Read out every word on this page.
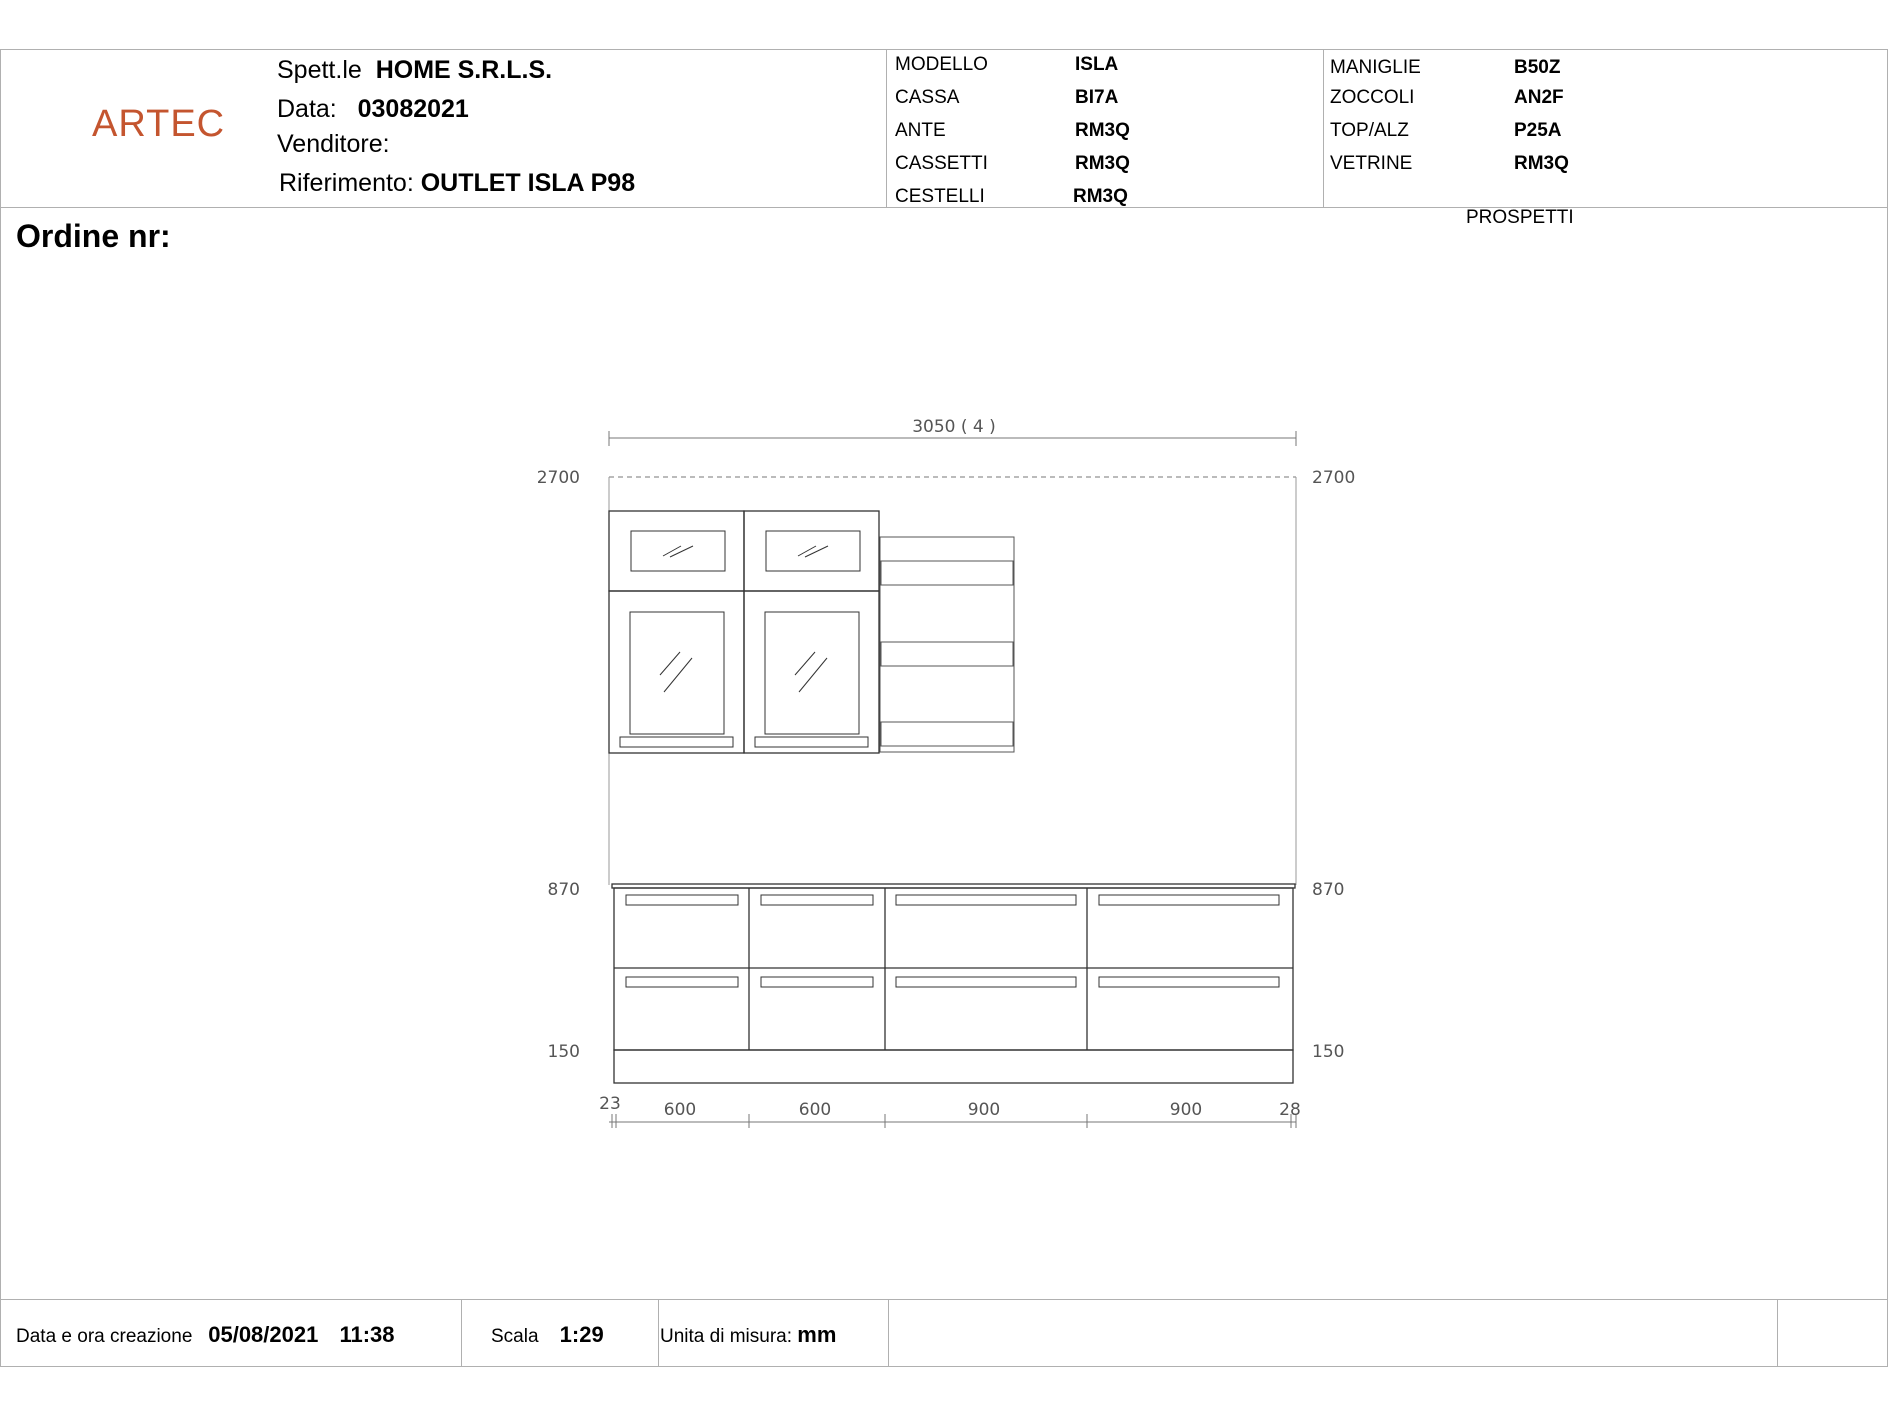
ARTEC
Spett.le HOME S.R.L.S.
Data: 03082021
Venditore:
Riferimento: OUTLET ISLA P98
MODELLO	ISLA
CASSA	BI7A
ANTE	RM3Q
CASSETTI	RM3Q
CESTELLI	RM3Q
MANIGLIE	B50Z
ZOCCOLI	AN2F
TOP/ALZ	P25A
VETRINE	RM3Q
Ordine nr:
PROSPETTI
3050 ( 4 )
2700	2700
870	870
150	150
23	600	600	900	900	28
Data e ora creazione 05/08/2021 11:38	Scala 1:29	Unita di misura: mm
